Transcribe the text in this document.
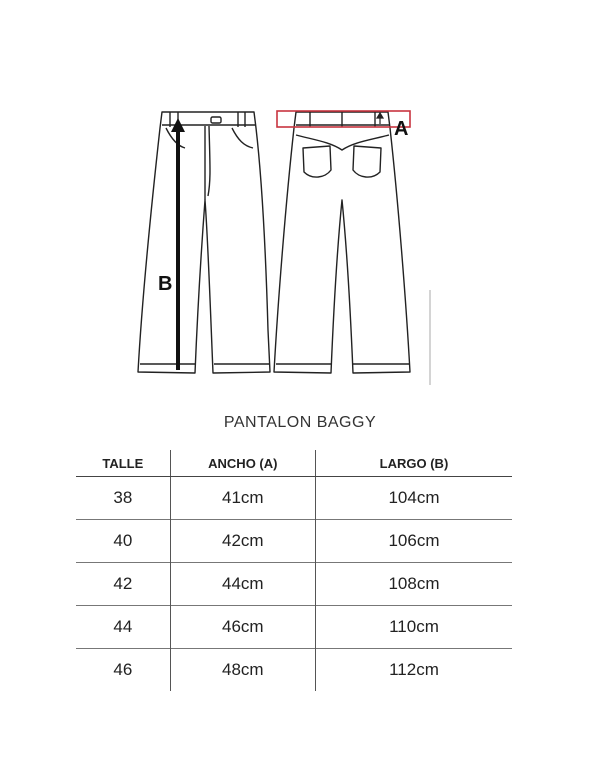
B
A
PANTALON BAGGY
TALLE	ANCHO (A)	LARGO (B)
38	41cm	104cm
40	42cm	106cm
42	44cm	108cm
44	46cm	110cm
46	48cm	112cm
